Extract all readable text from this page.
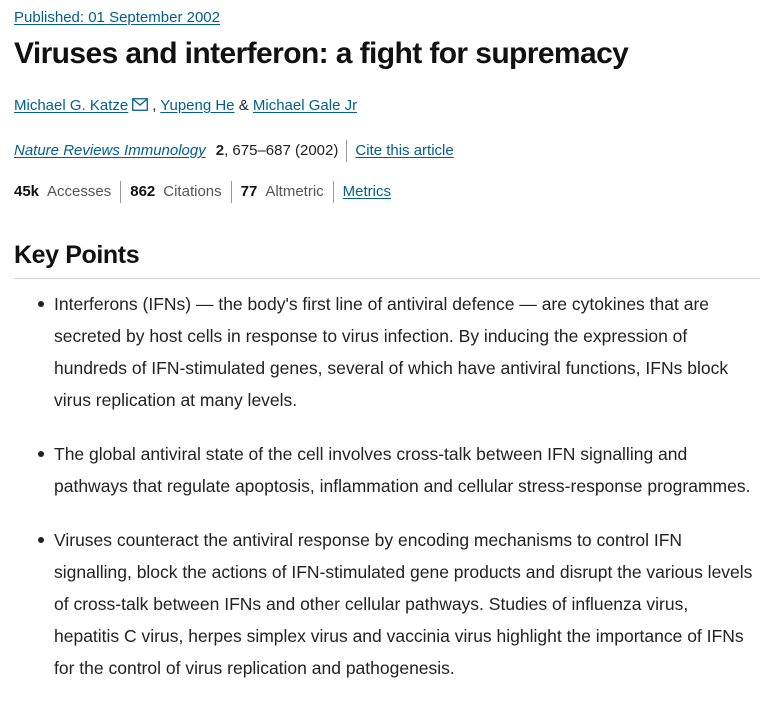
Published: 01 September 2002
Viruses and interferon: a fight for supremacy
Michael G. Katze , Yupeng He & Michael Gale Jr
Nature Reviews Immunology 2 , 675–687 (2002) Cite this article
45k Accesses 862 Citations 77 Altmetric Metrics
Key Points
Interferons (IFNs) — the body's first line of antiviral defence — are cytokines that are secreted by host cells in response to virus infection. By inducing the expression of hundreds of IFN-stimulated genes, several of which have antiviral functions, IFNs block virus replication at many levels.
The global antiviral state of the cell involves cross-talk between IFN signalling and pathways that regulate apoptosis, inflammation and cellular stress-response programmes.
Viruses counteract the antiviral response by encoding mechanisms to control IFN signalling, block the actions of IFN-stimulated gene products and disrupt the various levels of cross-talk between IFNs and other cellular pathways. Studies of influenza virus, hepatitis C virus, herpes simplex virus and vaccinia virus highlight the importance of IFNs for the control of virus replication and pathogenesis.
